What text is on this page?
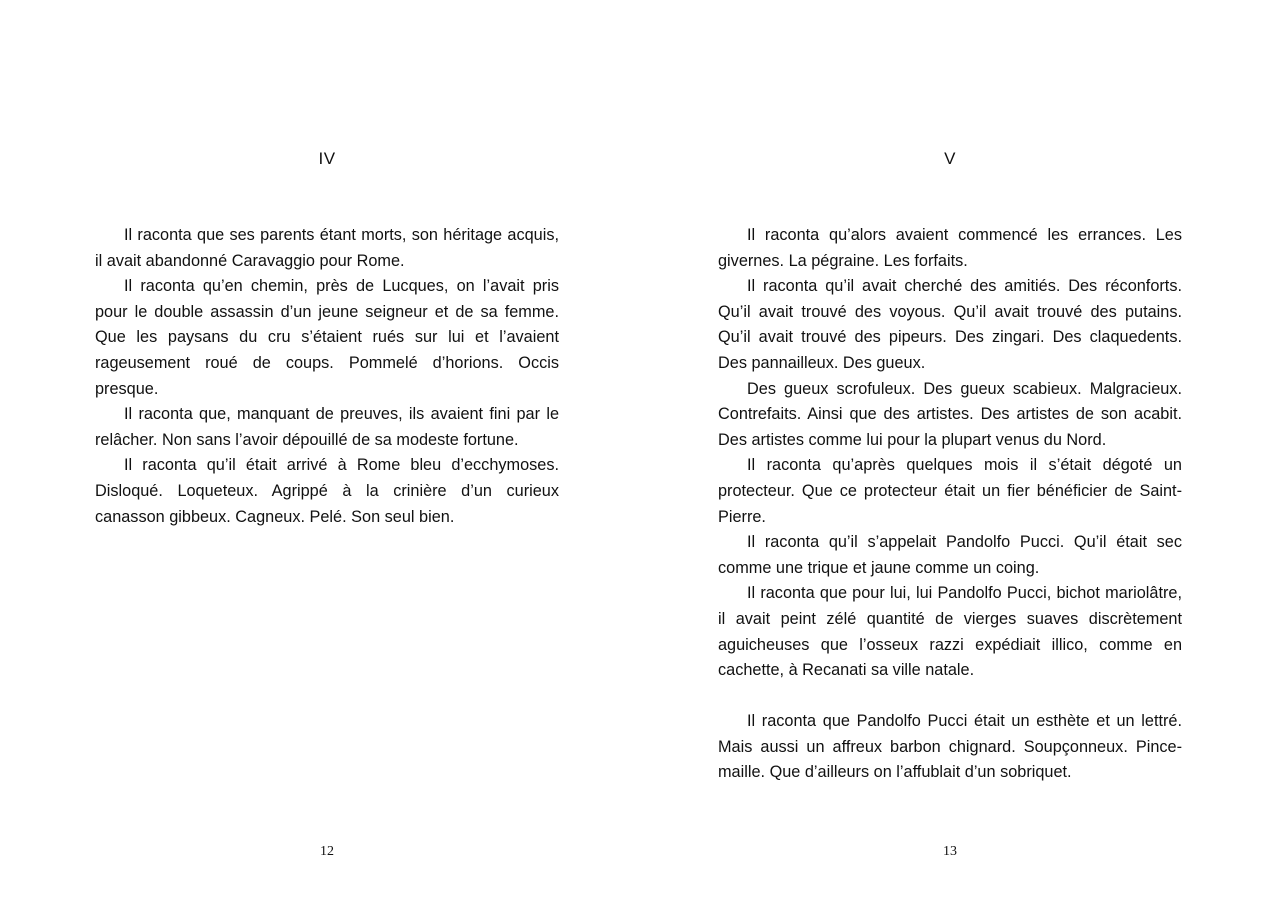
IV

Il raconta que ses parents étant morts, son héritage acquis, il avait abandonné Caravaggio pour Rome.

Il raconta qu’en chemin, près de Lucques, on l’avait pris pour le double assassin d’un jeune seigneur et de sa femme. Que les paysans du cru s’étaient rués sur lui et l’avaient rageusement roué de coups. Pommelé d’horions. Occis presque.

Il raconta que, manquant de preuves, ils avaient fini par le relâcher. Non sans l’avoir dépouillé de sa modeste fortune.

Il raconta qu’il était arrivé à Rome bleu d’ecchymoses. Disloqué. Loqueteux. Agrippé à la crinière d’un curieux canasson gibbeux. Cagneux. Pelé. Son seul bien.

12
V

Il raconta qu’alors avaient commencé les errances. Les givernes. La pégraine. Les forfaits.

Il raconta qu’il avait cherché des amitiés. Des réconforts. Qu’il avait trouvé des voyous. Qu’il avait trouvé des putains. Qu’il avait trouvé des pipeurs. Des zingari. Des claquedents. Des pannailleux. Des gueux.

Des gueux scrofuleux. Des gueux scabieux. Malgracieux. Contrefaits. Ainsi que des artistes. Des artistes de son acabit. Des artistes comme lui pour la plupart venus du Nord.

Il raconta qu’après quelques mois il s’était dégoté un protecteur. Que ce protecteur était un fier bénéficier de Saint-Pierre.

Il raconta qu’il s’appelait Pandolfo Pucci. Qu’il était sec comme une trique et jaune comme un coing.

Il raconta que pour lui, lui Pandolfo Pucci, bichot mariolâtre, il avait peint zélé quantité de vierges suaves discrètement aguicheuses que l’osseux razzi expédiait illico, comme en cachette, à Recanati sa ville natale.

Il raconta que Pandolfo Pucci était un esthète et un lettré. Mais aussi un affreux barbon chignard. Soupçonneux. Pince-maille. Que d’ailleurs on l’affublait d’un sobriquet.

13
